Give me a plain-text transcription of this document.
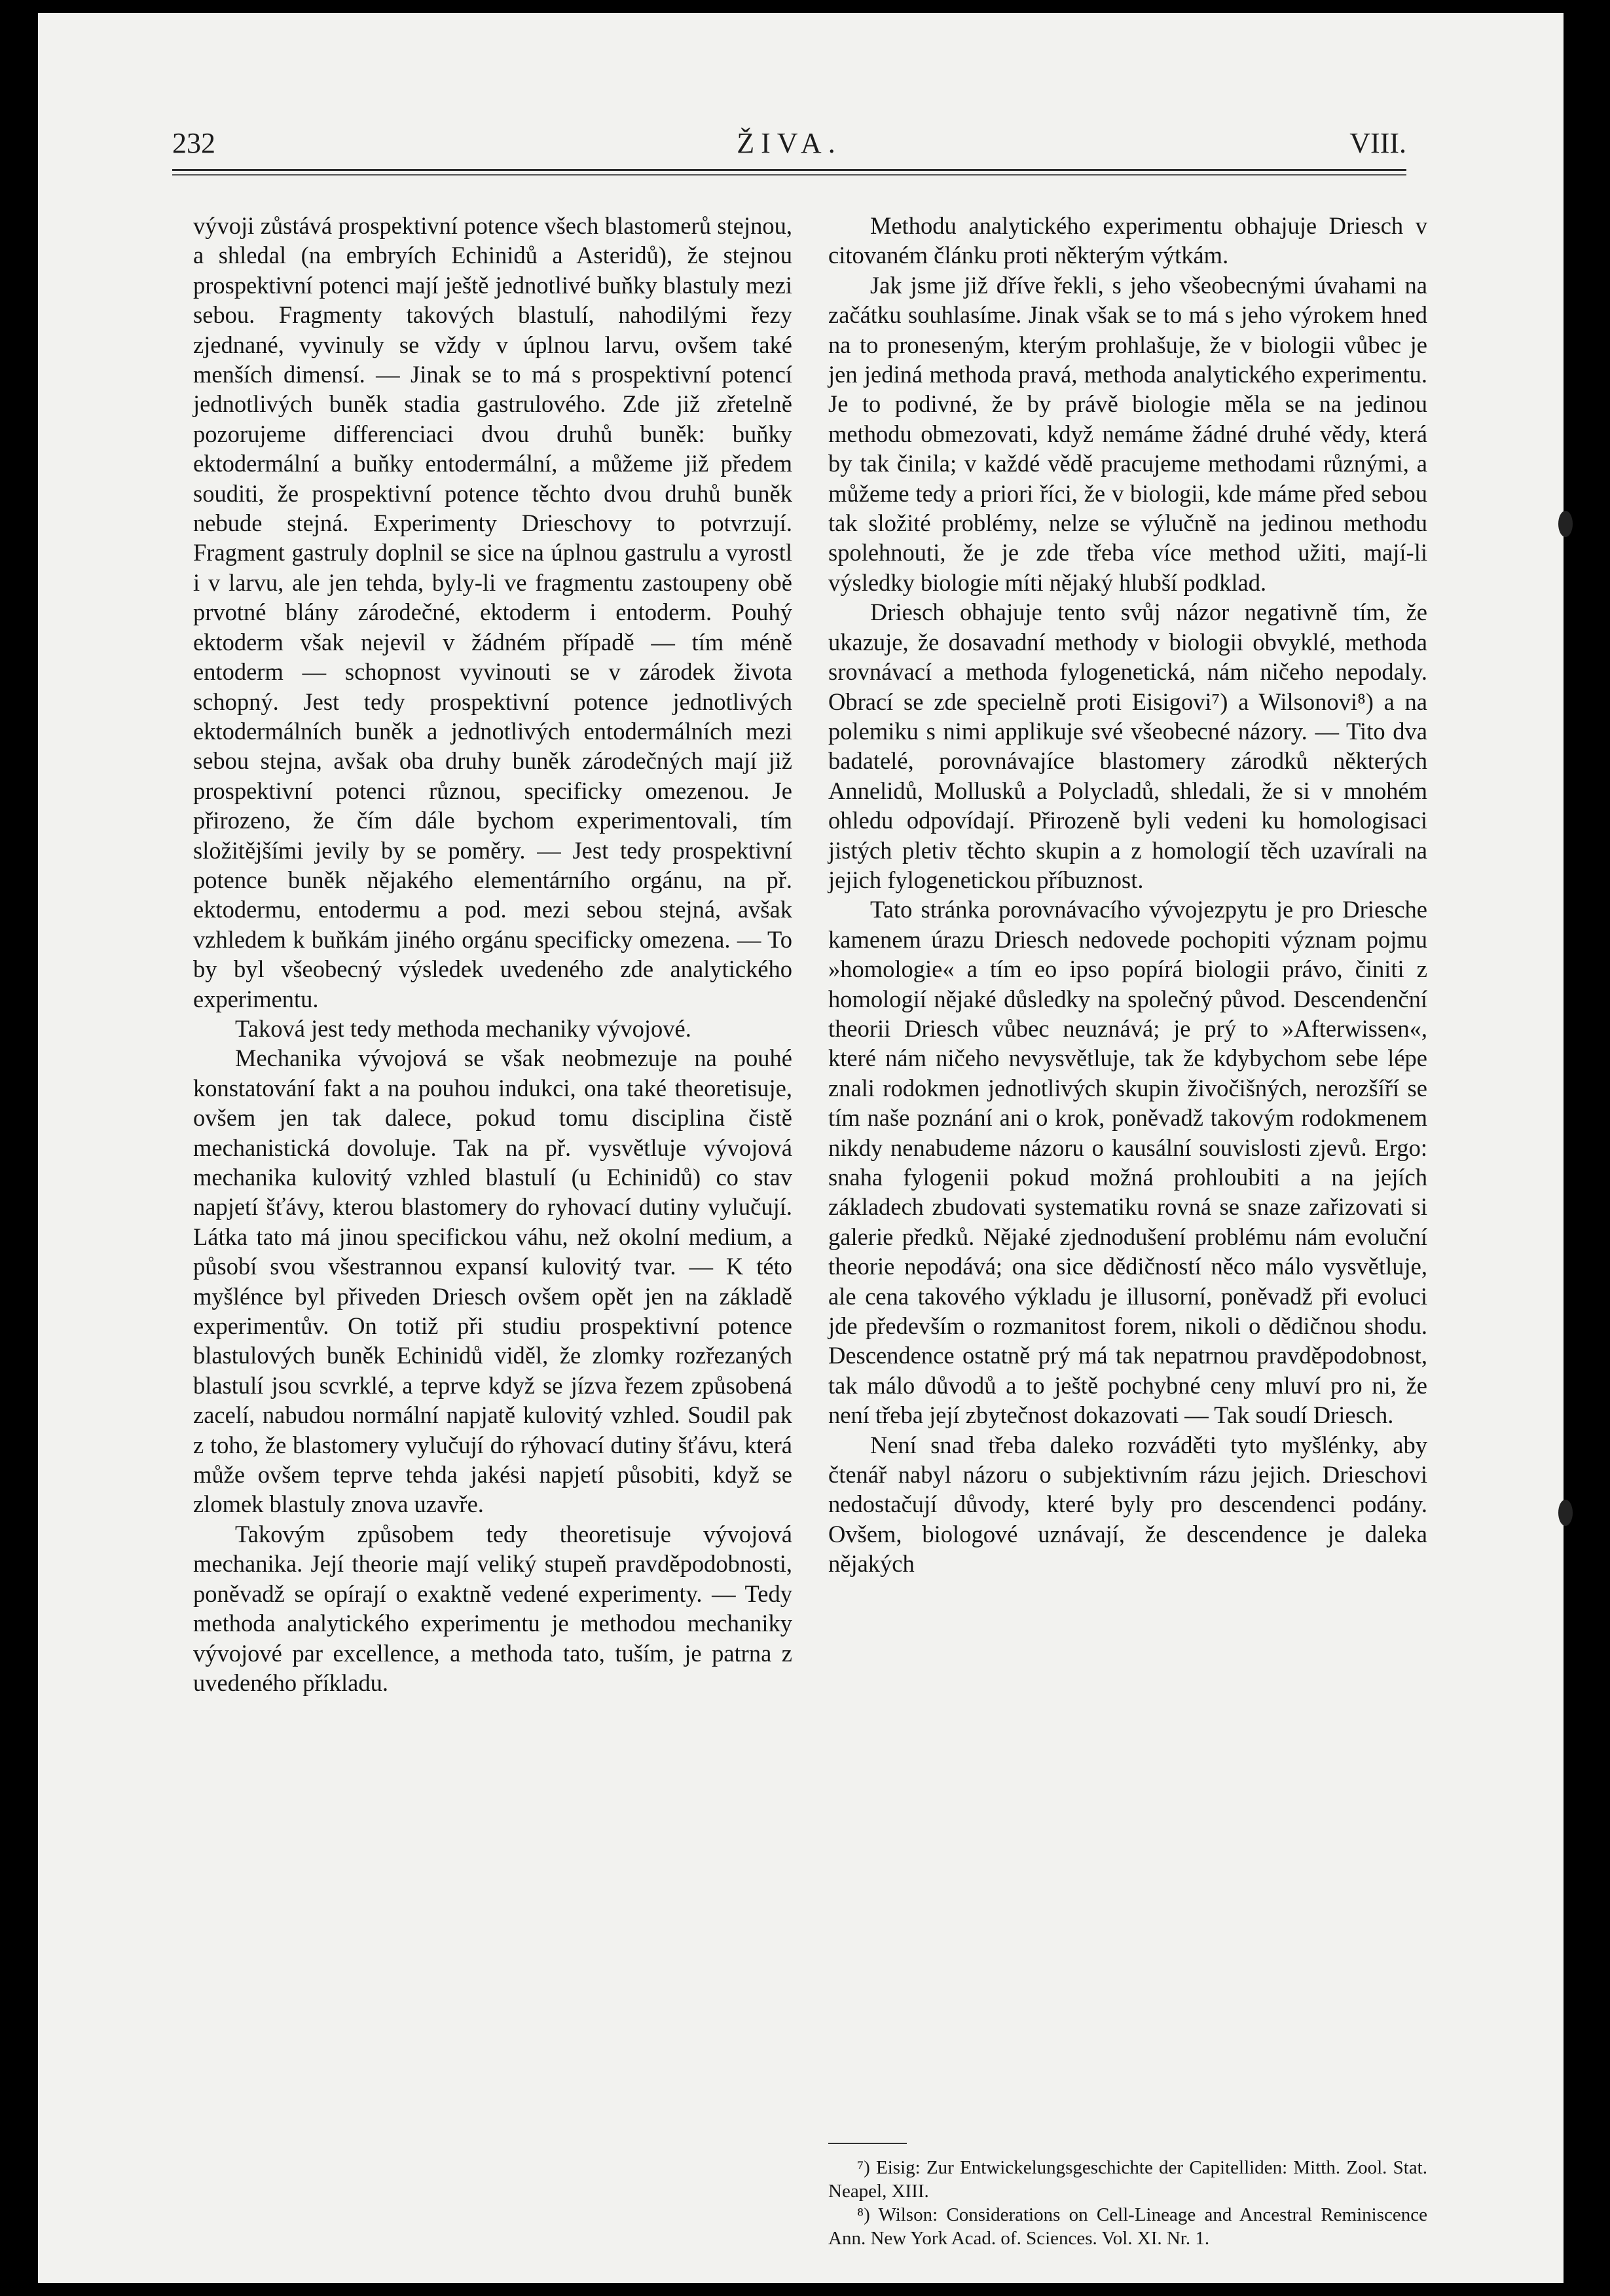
232	ŽIVA.	VIII.

vývoji zůstává prospektivní potence všech blastomerů stejnou, a shledal (na embryích Echinidů a Asteridů), že stejnou prospektivní potenci mají ještě jednotlivé buňky blastuly mezi sebou. Fragmenty takových blastulí, nahodilými řezy zjednané, vyvinuly se vždy v úplnou larvu, ovšem také menších dimensí. — Jinak se to má s prospektivní potencí jednotlivých buněk stadia gastrulového. Zde již zřetelně pozorujeme differenciaci dvou druhů buněk: buňky ektodermální a buňky entodermální, a můžeme již předem souditi, že prospektivní potence těchto dvou druhů buněk nebude stejná. Experimenty Drieschovy to potvrzují. Fragment gastruly doplnil se sice na úplnou gastrulu a vyrostl i v larvu, ale jen tehda, byly-li ve fragmentu zastoupeny obě prvotné blány zárodečné, ektoderm i entoderm. Pouhý ektoderm však nejevil v žádném případě — tím méně entoderm — schopnost vyvinouti se v zárodek života schopný. Jest tedy prospektivní potence jednotlivých ektodermálních buněk a jednotlivých entodermálních mezi sebou stejna, avšak oba druhy buněk zárodečných mají již prospektivní potenci různou, specificky omezenou. Je přirozeno, že čím dále bychom experimentovali, tím složitějšími jevily by se poměry. — Jest tedy prospektivní potence buněk nějakého elementárního orgánu, na př. ektodermu, entodermu a pod. mezi sebou stejná, avšak vzhledem k buňkám jiného orgánu specificky omezena. — To by byl všeobecný výsledek uvedeného zde analytického experimentu.

Taková jest tedy methoda mechaniky vývojové.

Mechanika vývojová se však neobmezuje na pouhé konstatování fakt a na pouhou indukci, ona také theoretisuje, ovšem jen tak dalece, pokud tomu disciplina čistě mechanistická dovoluje. Tak na př. vysvětluje vývojová mechanika kulovitý vzhled blastulí (u Echinidů) co stav napjetí šťávy, kterou blastomery do ryhovací dutiny vylučují. Látka tato má jinou specifickou váhu, než okolní medium, a působí svou všestrannou expansí kulovitý tvar. — K této myšlénce byl přiveden Driesch ovšem opět jen na základě experimentův. On totiž při studiu prospektivní potence blastulových buněk Echinidů viděl, že zlomky rozřezaných blastulí jsou scvrklé, a teprve když se jízva řezem způsobená zacelí, nabudou normální napjatě kulovitý vzhled. Soudil pak z toho, že blastomery vylučují do rýhovací dutiny šťávu, která může ovšem teprve tehda jakési napjetí působiti, když se zlomek blastuly znova uzavře.

Takovým způsobem tedy theoretisuje vývojová mechanika. Její theorie mají veliký stupeň pravděpodobnosti, poněvadž se opírají o exaktně vedené experimenty. — Tedy methoda analytického experimentu je methodou mechaniky vývojové par excellence, a methoda tato, tuším, je patrna z uvedeného příkladu.

Methodu analytického experimentu obhajuje Driesch v citovaném článku proti některým výtkám.

Jak jsme již dříve řekli, s jeho všeobecnými úvahami na začátku souhlasíme. Jinak však se to má s jeho výrokem hned na to proneseným, kterým prohlašuje, že v biologii vůbec je jen jediná methoda pravá, methoda analytického experimentu. Je to podivné, že by právě biologie měla se na jedinou methodu obmezovati, když nemáme žádné druhé vědy, která by tak činila; v každé vědě pracujeme methodami různými, a můžeme tedy a priori říci, že v biologii, kde máme před sebou tak složité problémy, nelze se výlučně na jedinou methodu spolehnouti, že je zde třeba více method užiti, mají-li výsledky biologie míti nějaký hlubší podklad.

Driesch obhajuje tento svůj názor negativně tím, že ukazuje, že dosavadní methody v biologii obvyklé, methoda srovnávací a methoda fylogenetická, nám ničeho nepodaly. Obrací se zde specielně proti Eisigovi⁷) a Wilsonovi⁸) a na polemiku s nimi applikuje své všeobecné názory. — Tito dva badatelé, porovnávajíce blastomery zárodků některých Annelidů, Mollusků a Polycladů, shledali, že si v mnohém ohledu odpovídají. Přirozeně byli vedeni ku homologisaci jistých pletiv těchto skupin a z homologií těch uzavírali na jejich fylogenetickou příbuznost.

Tato stránka porovnávacího vývojezpytu je pro Driesche kamenem úrazu Driesch nedovede pochopiti význam pojmu »homologie« a tím eo ipso popírá biologii právo, činiti z homologií nějaké důsledky na společný původ. Descendenční theorii Driesch vůbec neuznává; je prý to »Afterwissen«, které nám ničeho nevysvětluje, tak že kdybychom sebe lépe znali rodokmen jednotlivých skupin živočišných, nerozšíří se tím naše poznání ani o krok, poněvadž takovým rodokmenem nikdy nenabudeme názoru o kausální souvislosti zjevů. Ergo: snaha fylogenii pokud možná prohloubiti a na jejích základech zbudovati systematiku rovná se snaze zařizovati si galerie předků. Nějaké zjednodušení problému nám evoluční theorie nepodává; ona sice dědičností něco málo vysvětluje, ale cena takového výkladu je illusorní, poněvadž při evoluci jde především o rozmanitost forem, nikoli o dědičnou shodu. Descendence ostatně prý má tak nepatrnou pravděpodobnost, tak málo důvodů a to ještě pochybné ceny mluví pro ni, že není třeba její zbytečnost dokazovati — Tak soudí Driesch.

Není snad třeba daleko rozváděti tyto myšlénky, aby čtenář nabyl názoru o subjektivním rázu jejich. Drieschovi nedostačují důvody, které byly pro descendenci podány. Ovšem, biologové uznávají, že descendence je daleka nějakých

⁷) Eisig: Zur Entwickelungsgeschichte der Capitelliden: Mitth. Zool. Stat. Neapel, XIII.

⁸) Wilson: Considerations on Cell-Lineage and Ancestral Reminiscence Ann. New York Acad. of. Sciences. Vol. XI. Nr. 1.
